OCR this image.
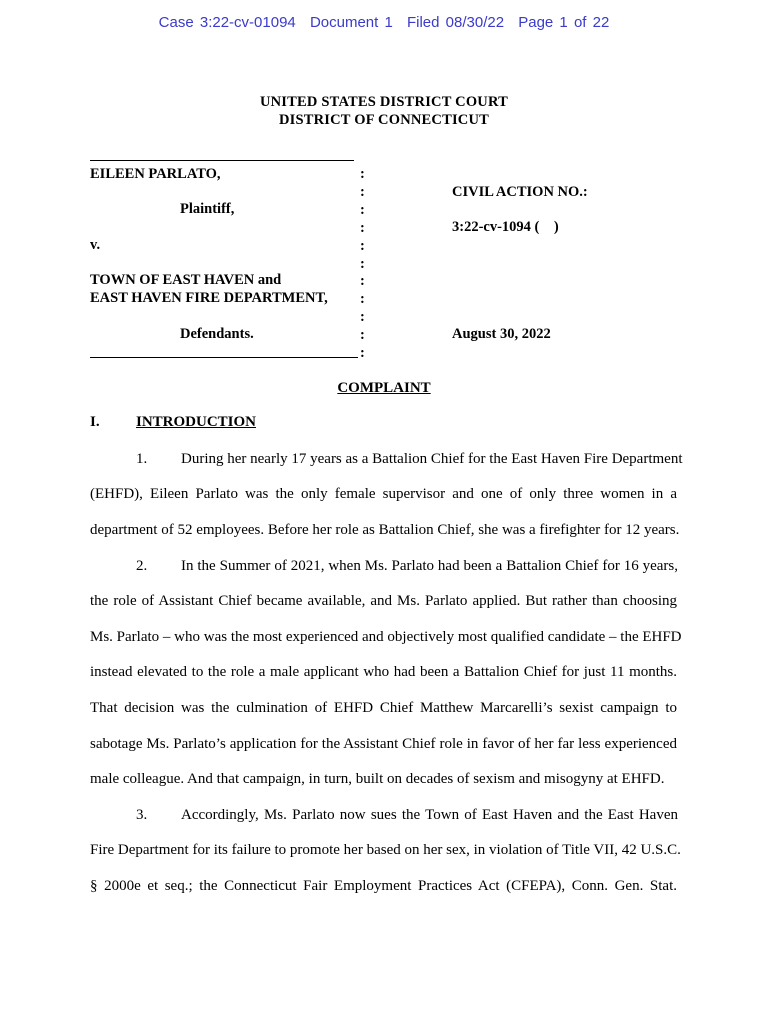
Case 3:22-cv-01094 Document 1 Filed 08/30/22 Page 1 of 22
UNITED STATES DISTRICT COURT
DISTRICT OF CONNECTICUT
EILEEN PARLATO,
Plaintiff,
v.
TOWN OF EAST HAVEN and
EAST HAVEN FIRE DEPARTMENT,
Defendants.
:
:
:
:
:
:
:
:
:
:
:
CIVIL ACTION NO.:
3:22-cv-1094 (    )
August 30, 2022
COMPLAINT
I. INTRODUCTION
1. During her nearly 17 years as a Battalion Chief for the East Haven Fire Department
(EHFD), Eileen Parlato was the only female supervisor and one of only three women in a
department of 52 employees. Before her role as Battalion Chief, she was a firefighter for 12 years.
2. In the Summer of 2021, when Ms. Parlato had been a Battalion Chief for 16 years,
the role of Assistant Chief became available, and Ms. Parlato applied. But rather than choosing
Ms. Parlato – who was the most experienced and objectively most qualified candidate – the EHFD
instead elevated to the role a male applicant who had been a Battalion Chief for just 11 months.
That decision was the culmination of EHFD Chief Matthew Marcarelli’s sexist campaign to
sabotage Ms. Parlato’s application for the Assistant Chief role in favor of her far less experienced
male colleague. And that campaign, in turn, built on decades of sexism and misogyny at EHFD.
3. Accordingly, Ms. Parlato now sues the Town of East Haven and the East Haven
Fire Department for its failure to promote her based on her sex, in violation of Title VII, 42 U.S.C.
§ 2000e et seq.; the Connecticut Fair Employment Practices Act (CFEPA), Conn. Gen. Stat.
